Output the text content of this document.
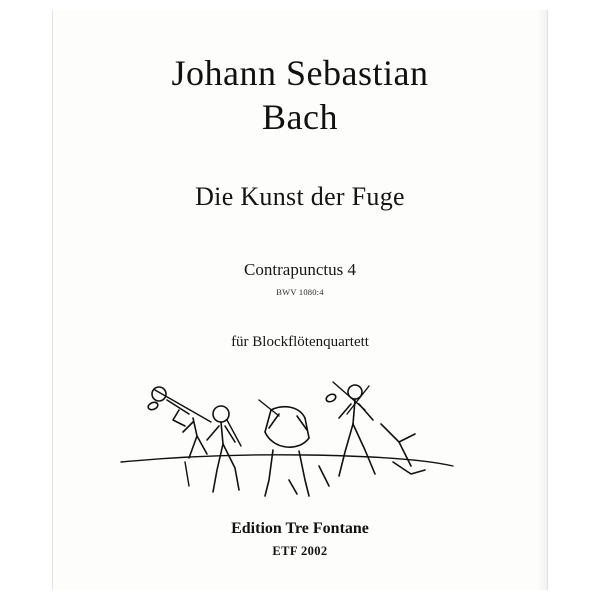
Johann Sebastian
Bach
Die Kunst der Fuge
Contrapunctus 4
BWV 1080:4
für Blockflötenquartett
Edition Tre Fontane
ETF 2002
